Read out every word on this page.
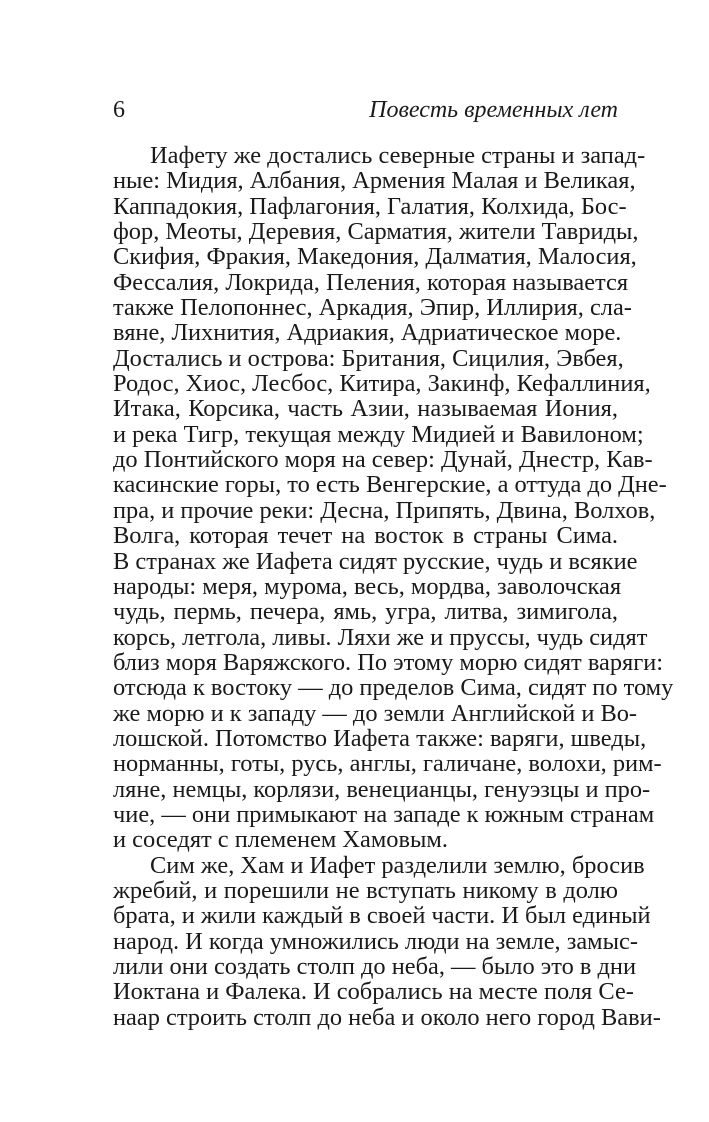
6	Повесть временных лет
Иафету же достались северные страны и запад-
ные: Мидия, Албания, Армения Малая и Великая,
Каппадокия, Пафлагония, Галатия, Колхида, Бос-
фор, Меоты, Деревия, Сарматия, жители Тавриды,
Скифия, Фракия, Македония, Далматия, Малосия,
Фессалия, Локрида, Пеления, которая называется
также Пелопоннес, Аркадия, Эпир, Иллирия, сла-
вяне, Лихнития, Адриакия, Адриатическое море.
Достались и острова: Британия, Сицилия, Эвбея,
Родос, Хиос, Лесбос, Китира, Закинф, Кефаллиния,
Итака, Корсика, часть Азии, называемая Иония,
и река Тигр, текущая между Мидией и Вавилоном;
до Понтийского моря на север: Дунай, Днестр, Кав-
касинские горы, то есть Венгерские, а оттуда до Дне-
пра, и прочие реки: Десна, Припять, Двина, Волхов,
Волга, которая течет на восток в страны Сима.
В странах же Иафета сидят русские, чудь и всякие
народы: меря, мурома, весь, мордва, заволочская
чудь, пермь, печера, ямь, угра, литва, зимигола,
корсь, летгола, ливы. Ляхи же и пруссы, чудь сидят
близ моря Варяжского. По этому морю сидят варяги:
отсюда к востоку — до пределов Сима, сидят по тому
же морю и к западу — до земли Английской и Во-
лошской. Потомство Иафета также: варяги, шведы,
норманны, готы, русь, англы, галичане, волохи, рим-
ляне, немцы, корлязи, венецианцы, генуэзцы и про-
чие, — они примыкают на западе к южным странам
и соседят с племенем Хамовым.
Сим же, Хам и Иафет разделили землю, бросив
жребий, и порешили не вступать никому в долю
брата, и жили каждый в своей части. И был единый
народ. И когда умножились люди на земле, замыс-
лили они создать столп до неба, — было это в дни
Иоктана и Фалека. И собрались на месте поля Се-
наар строить столп до неба и около него город Вави-
